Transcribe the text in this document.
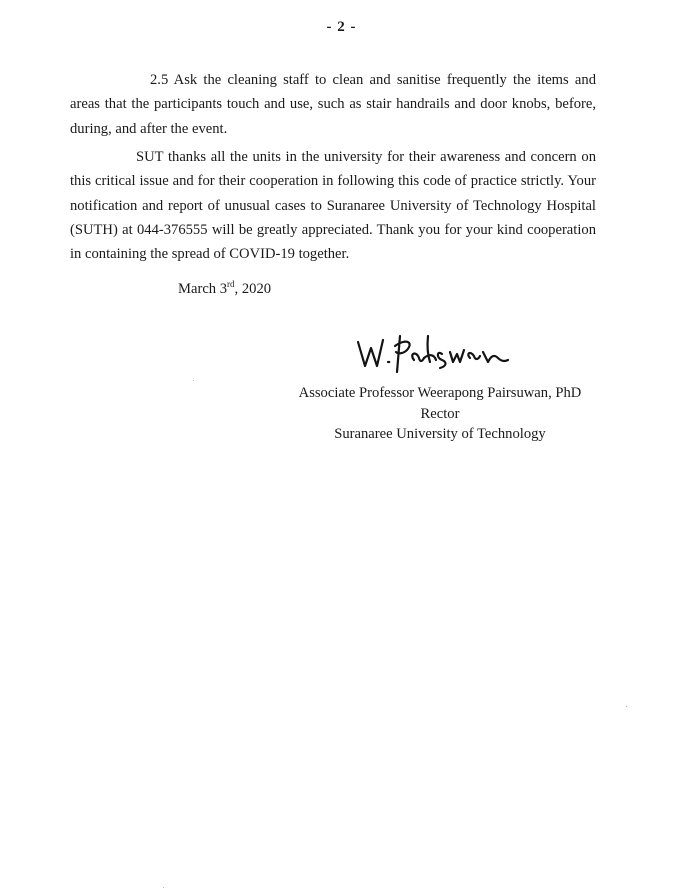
- 2 -

2.5 Ask the cleaning staff to clean and sanitise frequently the items and areas that the participants touch and use, such as stair handrails and door knobs, before, during, and after the event.

SUT thanks all the units in the university for their awareness and concern on this critical issue and for their cooperation in following this code of practice strictly. Your notification and report of unusual cases to Suranaree University of Technology Hospital (SUTH) at 044-376555 will be greatly appreciated. Thank you for your kind cooperation in containing the spread of COVID-19 together.

March 3rd, 2020
Associate Professor Weerapong Pairsuwan, PhD
Rector
Suranaree University of Technology
